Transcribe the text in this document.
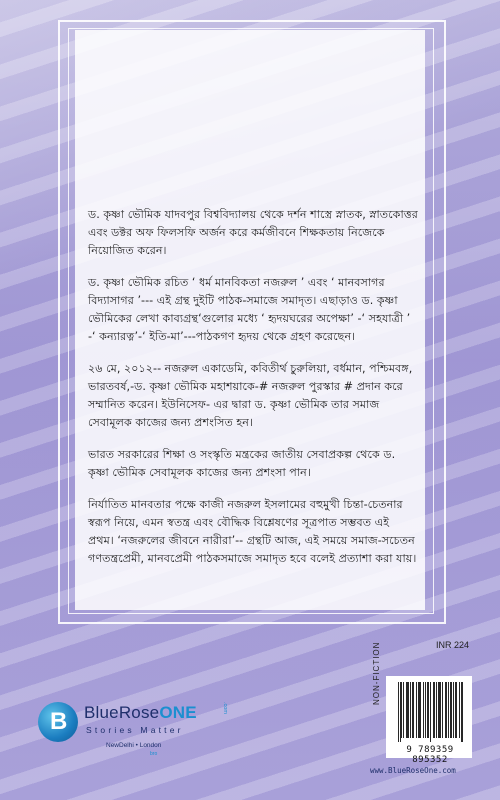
ড. কৃষ্ণা ভৌমিক যাদবপুর বিশ্ববিদ্যালয় থেকে দর্শন শাস্ত্রে স্নাতক, স্নাতকোত্তর এবং ডক্টর অফ ফিলসফি অর্জন করে কর্মজীবনে শিক্ষকতায় নিজেকে নিয়োজিত করেন।

ড. কৃষ্ণা ভৌমিক রচিত ‘ ধর্ম মানবিকতা নজরুল ’ এবং ‘ মানবসাগর বিদ্যাসাগর ’--- এই গ্রন্থ দুইটি পাঠক-সমাজে সমাদৃত। এছাড়াও ড. কৃষ্ণা ভৌমিকের লেখা কাব্যগ্রন্থ‘গুলোর মধ্যে ‘ হৃদয়ঘরের অপেক্ষা’ -‘ সহযাত্রী ’ -‘ কন্যারত্ন’-‘ ইতি-মা’---পাঠকগণ হৃদয় থেকে গ্রহণ করেছেন।

২৬ মে, ২০১২-- নজরুল একাডেমি, কবিতীর্থ চুরুলিয়া, বর্ধমান, পশ্চিমবঙ্গ, ভারতবর্ষ,-ড. কৃষ্ণা ভৌমিক মহাশয়াকে-# নজরুল পুরস্কার # প্রদান করে সম্মানিত করেন। ইউনিসেফ- এর দ্বারা ড. কৃষ্ণা ভৌমিক তার সমাজ সেবামূলক কাজের জন্য প্রশংসিত হন।

ভারত সরকারের শিক্ষা ও সংস্কৃতি মন্ত্রকের জাতীয় সেবাপ্রকল্প থেকে ড. কৃষ্ণা ভৌমিক সেবামূলক কাজের জন্য প্রশংসা পান।

নির্যাতিত মানবতার পক্ষে কাজী নজরুল ইসলামের বহুমুখী চিন্তা-চেতনার স্বরূপ নিয়ে, এমন স্বতন্ত্র এবং বৌদ্ধিক বিশ্লেষণের সূত্রপাত সম্ভবত এই প্রথম। ‘নজরুলের জীবনে নারীরা’-- গ্রন্থটি আজ, এই সময়ে সমাজ-সচেতন গণতন্ত্রপ্রেমী, মানবপ্রেমী পাঠকসমাজে সমাদৃত হবে বলেই প্রত্যাশা করা যায়।

INR 224
B BlueRoseONE	.com
Stories Matter
NewDelhi • London
bro
NON-FICTION
9 789359 895352
www.BlueRoseOne.com
